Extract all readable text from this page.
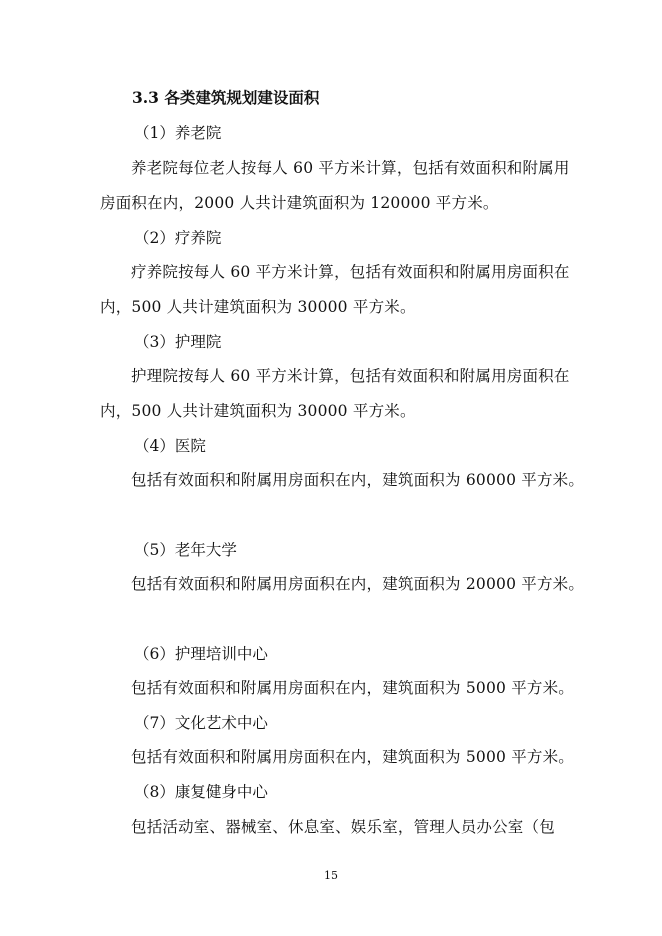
3.3 各类建筑规划建设面积
（1）养老院
养老院每位老人按每人 60 平方米计算，包括有效面积和附属用
房面积在内，2000 人共计建筑面积为 120000 平方米。
（2）疗养院
疗养院按每人 60 平方米计算，包括有效面积和附属用房面积在
内，500 人共计建筑面积为 30000 平方米。
（3）护理院
护理院按每人 60 平方米计算，包括有效面积和附属用房面积在
内，500 人共计建筑面积为 30000 平方米。
（4）医院
包括有效面积和附属用房面积在内，建筑面积为 60000 平方米。
（5）老年大学
包括有效面积和附属用房面积在内，建筑面积为 20000 平方米。
（6）护理培训中心
包括有效面积和附属用房面积在内，建筑面积为 5000 平方米。
（7）文化艺术中心
包括有效面积和附属用房面积在内，建筑面积为 5000 平方米。
（8）康复健身中心
包括活动室、器械室、休息室、娱乐室，管理人员办公室（包
15
